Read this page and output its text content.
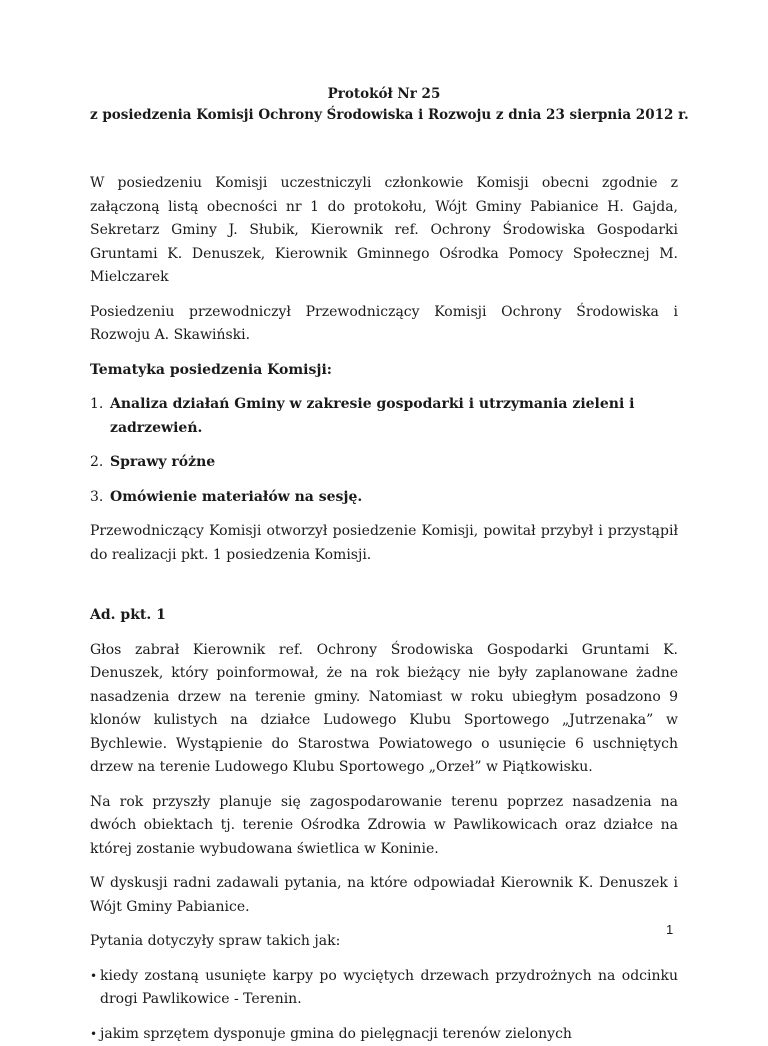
Protokół Nr 25
z posiedzenia Komisji Ochrony Środowiska i Rozwoju z dnia 23 sierpnia 2012 r.

W posiedzeniu Komisji uczestniczyli członkowie Komisji obecni zgodnie z załączoną listą obecności nr 1 do protokołu, Wójt Gminy Pabianice H. Gajda, Sekretarz Gminy J. Słubik, Kierownik ref. Ochrony Środowiska Gospodarki Gruntami K. Denuszek, Kierownik Gminnego Ośrodka Pomocy Społecznej M. Mielczarek

Posiedzeniu przewodniczył Przewodniczący Komisji Ochrony Środowiska i Rozwoju A. Skawiński.

Tematyka posiedzenia Komisji:

1. Analiza działań Gminy w zakresie gospodarki i utrzymania zieleni i zadrzewień.
2. Sprawy różne
3. Omówienie materiałów na sesję.

Przewodniczący Komisji otworzył posiedzenie Komisji, powitał przybył i przystąpił do realizacji pkt. 1 posiedzenia Komisji.

Ad. pkt. 1

Głos zabrał Kierownik ref. Ochrony Środowiska Gospodarki Gruntami K. Denuszek, który poinformował, że na rok bieżący nie były zaplanowane żadne nasadzenia drzew na terenie gminy. Natomiast w roku ubiegłym posadzono 9 klonów kulistych na działce Ludowego Klubu Sportowego „Jutrzenaka” w Bychlewie. Wystąpienie do Starostwa Powiatowego o usunięcie 6 uschniętych drzew na terenie Ludowego Klubu Sportowego „Orzeł” w Piątkowisku.

Na rok przyszły planuje się zagospodarowanie terenu poprzez nasadzenia na dwóch obiektach tj. terenie Ośrodka Zdrowia w Pawlikowicach oraz działce na której zostanie wybudowana świetlica w Koninie.

W dyskusji radni zadawali pytania, na które odpowiadał Kierownik K. Denuszek i Wójt Gminy Pabianice.

Pytania dotyczyły spraw takich jak:

• kiedy zostaną usunięte karpy po wyciętych drzewach przydrożnych na odcinku drogi Pawlikowice - Terenin.
• jakim sprzętem dysponuje gmina do pielęgnacji terenów zielonych
1
